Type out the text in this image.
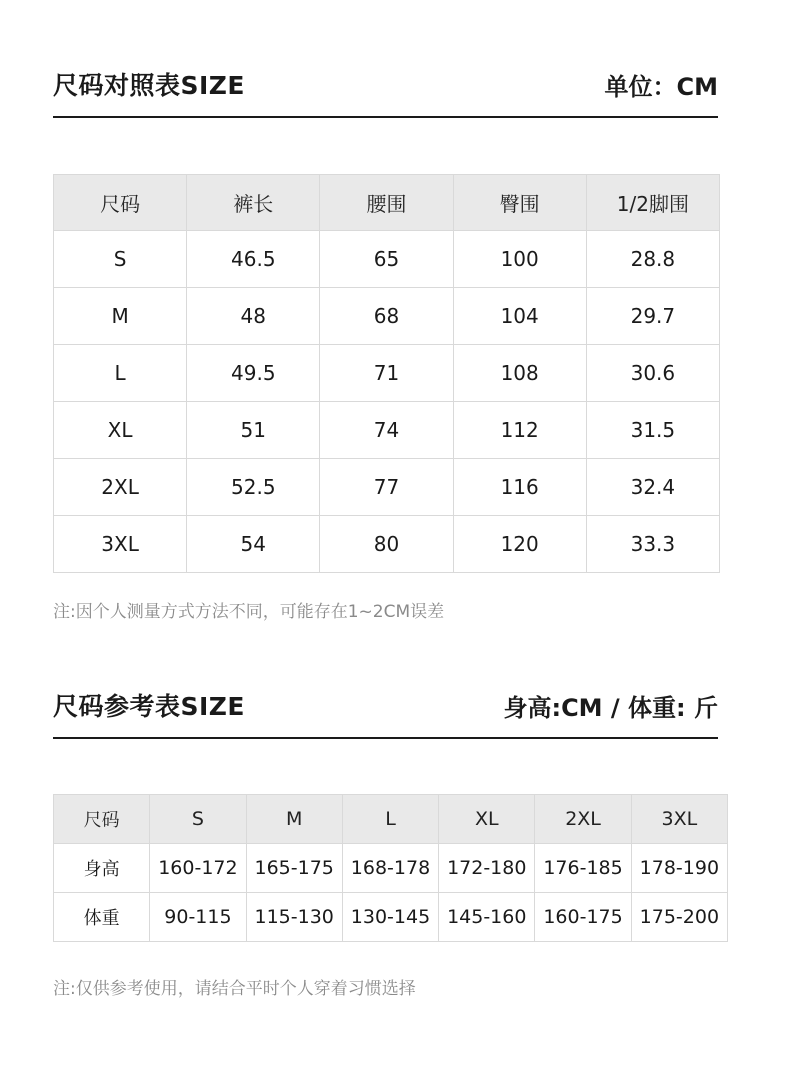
尺码对照表SIZE	单位：CM
尺码	裤长	腰围	臀围	1/2脚围
S	46.5	65	100	28.8
M	48	68	104	29.7
L	49.5	71	108	30.6
XL	51	74	112	31.5
2XL	52.5	77	116	32.4
3XL	54	80	120	33.3
注:因个人测量方式方法不同，可能存在1~2CM误差
尺码参考表SIZE	身高:CM / 体重: 斤
尺码	S	M	L	XL	2XL	3XL
身高	160-172	165-175	168-178	172-180	176-185	178-190
体重	90-115	115-130	130-145	145-160	160-175	175-200
注:仅供参考使用，请结合平时个人穿着习惯选择
